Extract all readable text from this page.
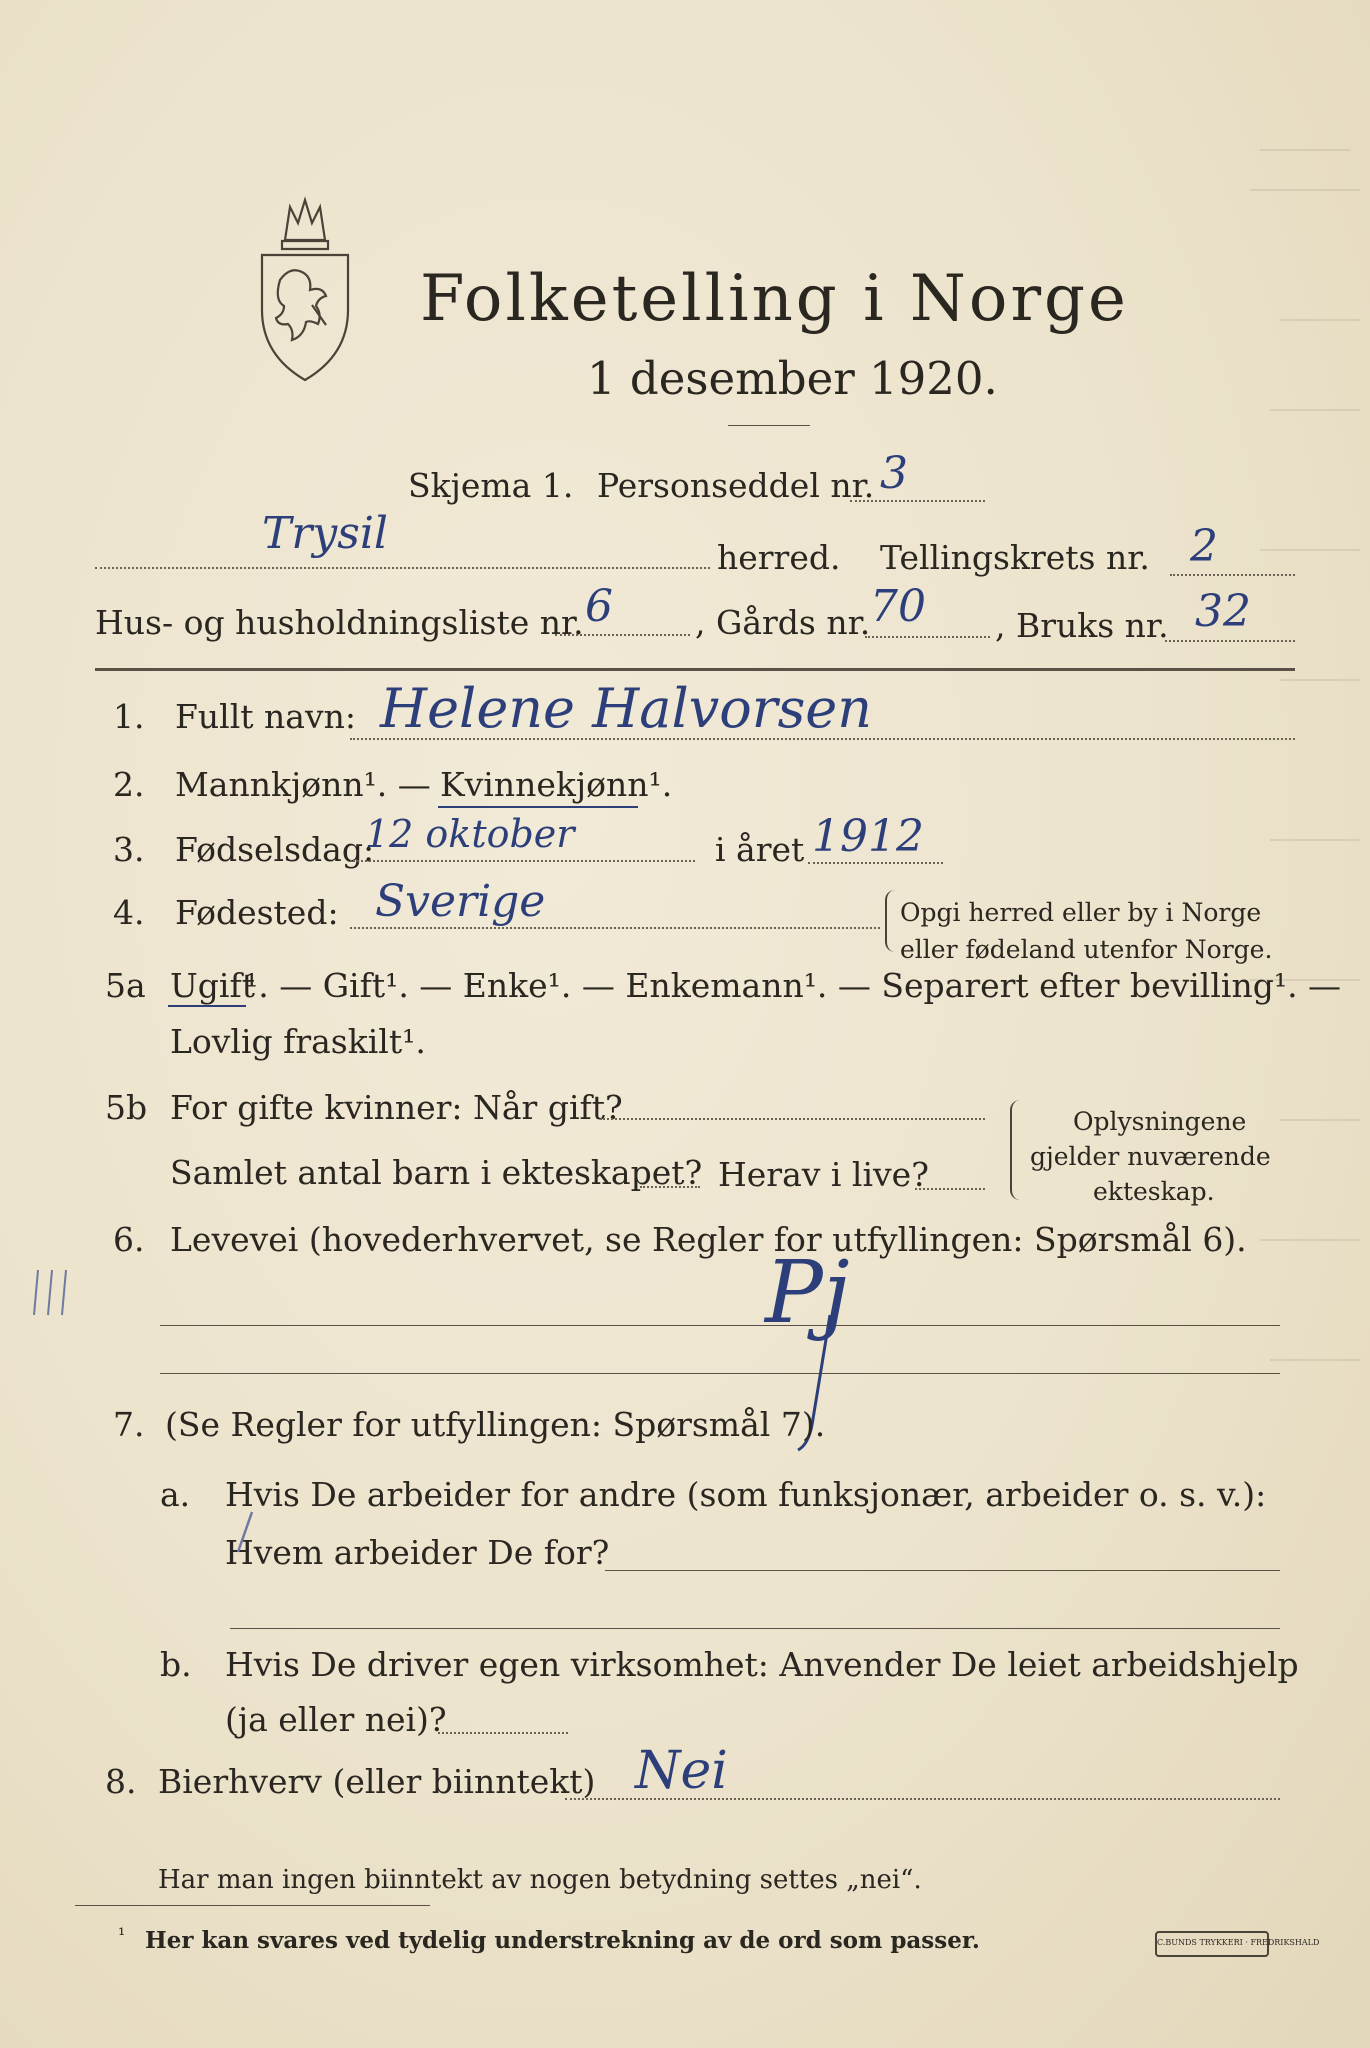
Folketelling i Norge
1 desember 1920.
Skjema 1. Personseddel nr. 3
Trysil	herred. Tellingskrets nr. 2
Hus- og husholdningsliste nr. 6 , Gårds nr. 70 , Bruks nr. 32
1. Fullt navn: Helene Halvorsen
2. Mannkjønn¹. — Kvinnekjønn¹.
3. Fødselsdag:
12 oktober	i året 1912
4. Fødested: Sverige	Opgi herred eller by i Norge
eller fødeland utenfor Norge.
5a Ugift
¹. — Gift¹. — Enke¹. — Enkemann¹. — Separert efter bevilling¹. —
Lovlig fraskilt¹.
5b For gifte kvinner: Når gift?
Samlet antal barn i ekteskapet? Herav i live?
Oplysningene
gjelder nuværende
ekteskap.
6. Levevei (hovederhvervet, se Regler for utfyllingen: Spørsmål 6).
Pj
7. (Se Regler for utfyllingen: Spørsmål 7).
a. Hvis De arbeider for andre (som funksjonær, arbeider o. s. v.):
Hvem arbeider De for?
b. Hvis De driver egen virksomhet: Anvender De leiet arbeidshjelp
(ja eller nei)?
8. Bierhverv (eller biinntekt) Nei
Har man ingen biinntekt av nogen betydning settes „nei“.
¹ Her kan svares ved tydelig understrekning av de ord som passer.	C.BUNDS TRYKKERI · FREDRIKSHALD
